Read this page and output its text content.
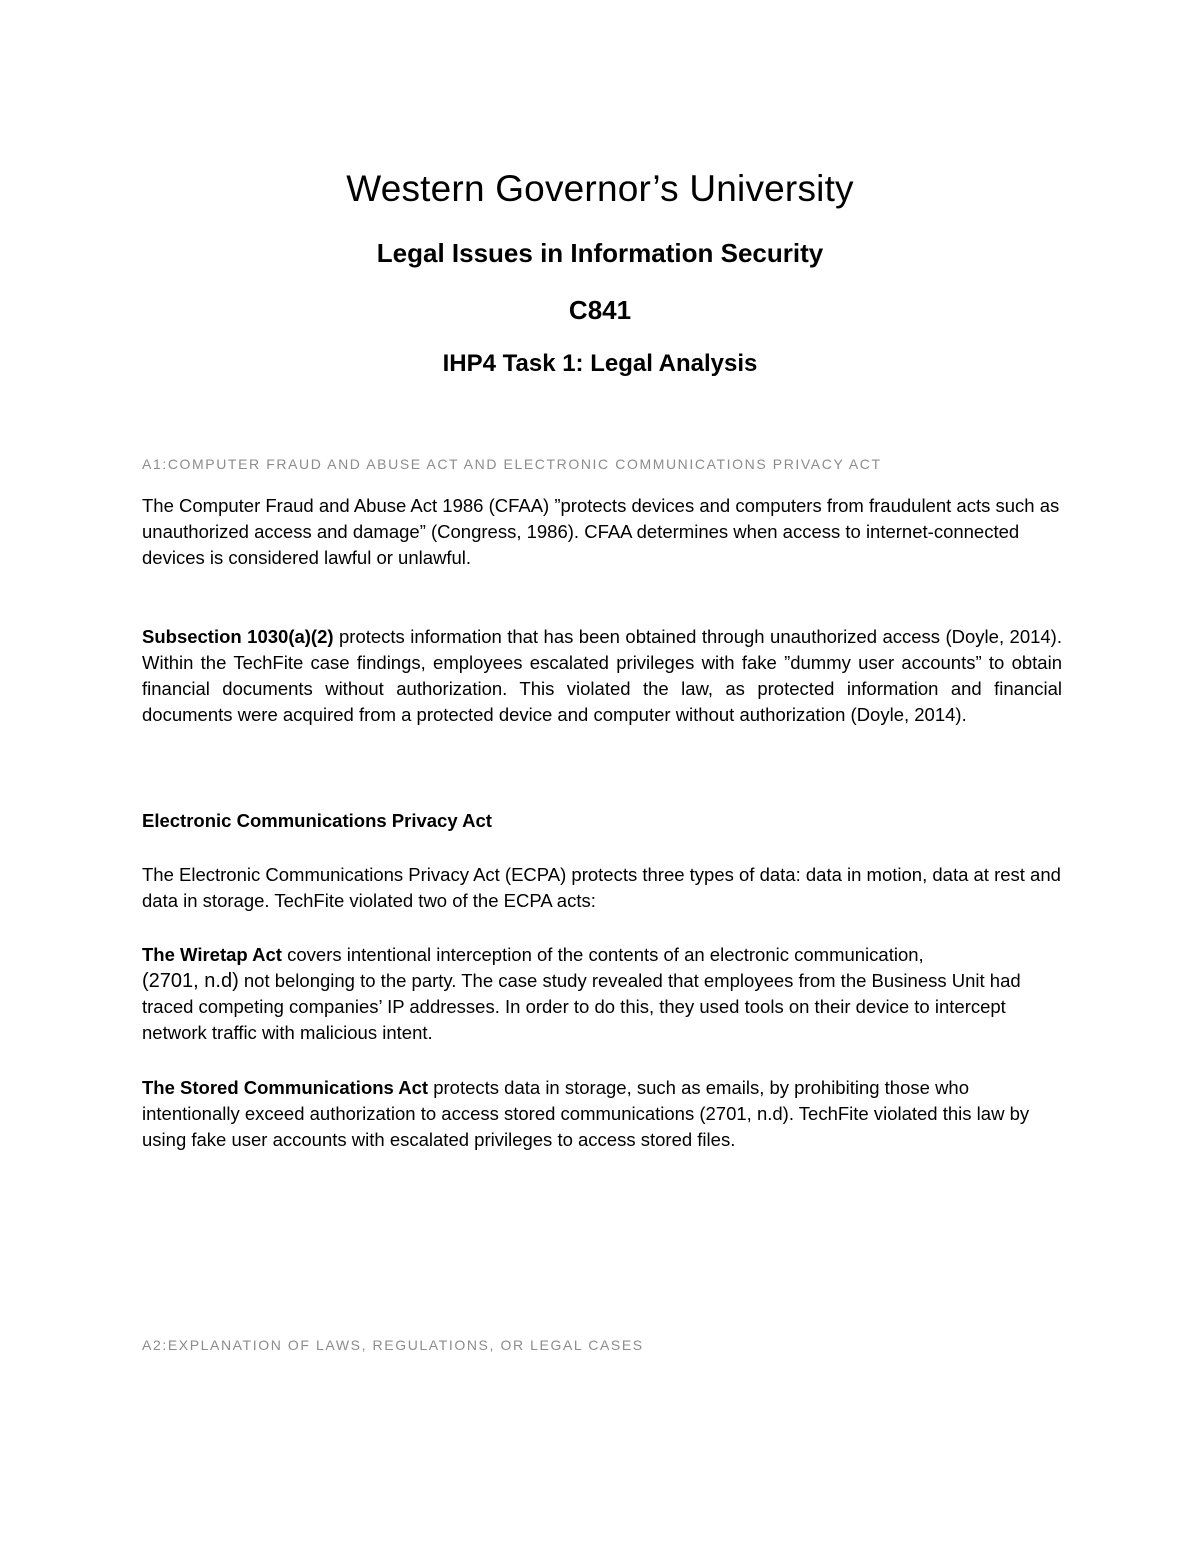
Western Governor’s University
Legal Issues in Information Security
C841
IHP4 Task 1: Legal Analysis

A1:COMPUTER FRAUD AND ABUSE ACT AND ELECTRONIC COMMUNICATIONS PRIVACY ACT

The Computer Fraud and Abuse Act 1986 (CFAA) ”protects devices and computers from fraudulent acts such as unauthorized access and damage” (Congress, 1986). CFAA determines when access to internet-connected devices is considered lawful or unlawful.

Subsection 1030(a)(2) protects information that has been obtained through unauthorized access (Doyle, 2014). Within the TechFite case findings, employees escalated privileges with fake ”dummy user accounts” to obtain financial documents without authorization. This violated the law, as protected information and financial documents were acquired from a protected device and computer without authorization (Doyle, 2014).

Electronic Communications Privacy Act

The Electronic Communications Privacy Act (ECPA) protects three types of data: data in motion, data at rest and data in storage. TechFite violated two of the ECPA acts:

The Wiretap Act covers intentional interception of the contents of an electronic communication,
(2701, n.d) not belonging to the party. The case study revealed that employees from the Business Unit had traced competing companies’ IP addresses. In order to do this, they used tools on their device to intercept network traffic with malicious intent.

The Stored Communications Act protects data in storage, such as emails, by prohibiting those who intentionally exceed authorization to access stored communications (2701, n.d). TechFite violated this law by using fake user accounts with escalated privileges to access stored files.

A2:EXPLANATION OF LAWS, REGULATIONS, OR LEGAL CASES
